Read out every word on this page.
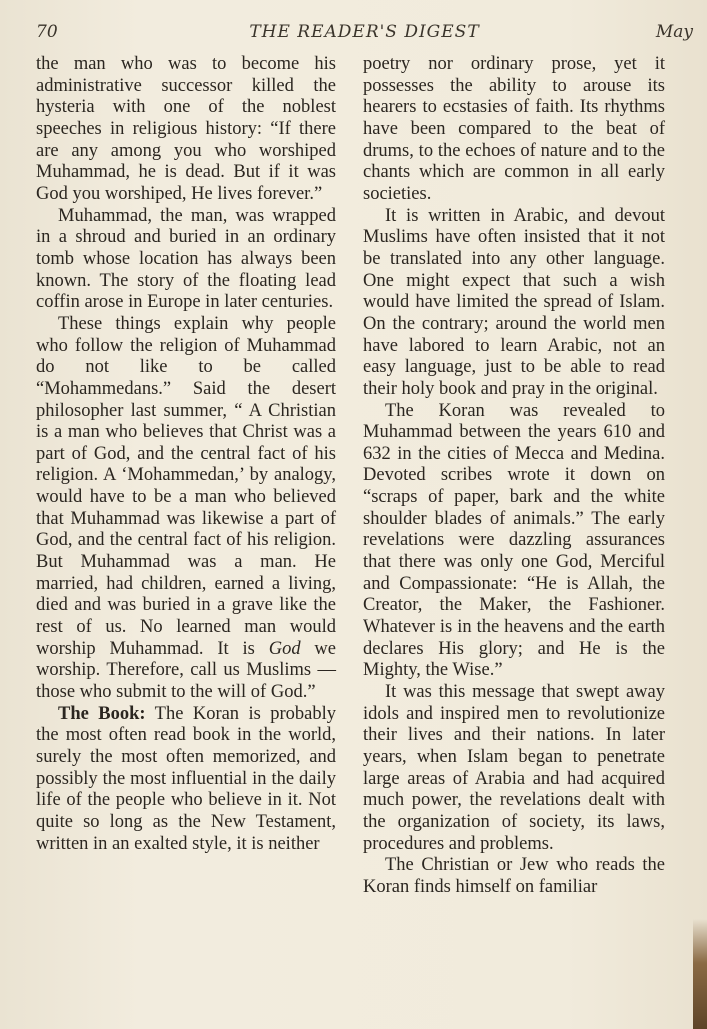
70	THE READER'S DIGEST	May

the man who was to become his administrative successor killed the hysteria with one of the noblest speeches in religious history: “If there are any among you who worshiped Muhammad, he is dead. But if it was God you worshiped, He lives forever.”

Muhammad, the man, was wrapped in a shroud and buried in an ordinary tomb whose location has always been known. The story of the floating lead coffin arose in Europe in later centuries.

These things explain why people who follow the religion of Muhammad do not like to be called “Mohammedans.” Said the desert philosopher last summer, “ A Christian is a man who believes that Christ was a part of God, and the central fact of his religion. A ‘Mohammedan,’ by analogy, would have to be a man who believed that Muhammad was likewise a part of God, and the central fact of his religion. But Muhammad was a man. He married, had children, earned a living, died and was buried in a grave like the rest of us. No learned man would worship Muhammad. It is God we worship. Therefore, call us Muslims — those who submit to the will of God.”

The Book: The Koran is probably the most often read book in the world, surely the most often memorized, and possibly the most influential in the daily life of the people who believe in it. Not quite so long as the New Testament, written in an exalted style, it is neither

poetry nor ordinary prose, yet it possesses the ability to arouse its hearers to ecstasies of faith. Its rhythms have been compared to the beat of drums, to the echoes of nature and to the chants which are common in all early societies.

It is written in Arabic, and devout Muslims have often insisted that it not be translated into any other language. One might expect that such a wish would have limited the spread of Islam. On the contrary; around the world men have labored to learn Arabic, not an easy language, just to be able to read their holy book and pray in the original.

The Koran was revealed to Muhammad between the years 610 and 632 in the cities of Mecca and Medina. Devoted scribes wrote it down on “scraps of paper, bark and the white shoulder blades of animals.” The early revelations were dazzling assurances that there was only one God, Merciful and Compassionate: “He is Allah, the Creator, the Maker, the Fashioner. Whatever is in the heavens and the earth declares His glory; and He is the Mighty, the Wise.”

It was this message that swept away idols and inspired men to revolutionize their lives and their nations. In later years, when Islam began to penetrate large areas of Arabia and had acquired much power, the revelations dealt with the organization of society, its laws, procedures and problems.

The Christian or Jew who reads the Koran finds himself on familiar
